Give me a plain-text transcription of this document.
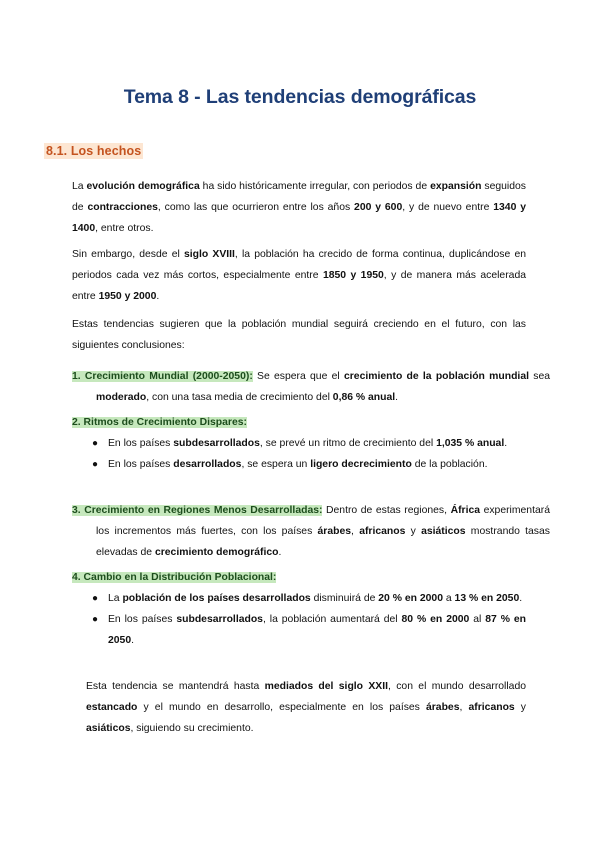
Tema 8 - Las tendencias demográficas
8.1. Los hechos

La evolución demográfica ha sido históricamente irregular, con periodos de expansión seguidos de contracciones, como las que ocurrieron entre los años 200 y 600, y de nuevo entre 1340 y 1400, entre otros.

Sin embargo, desde el siglo XVIII, la población ha crecido de forma continua, duplicándose en periodos cada vez más cortos, especialmente entre 1850 y 1950, y de manera más acelerada entre 1950 y 2000.

Estas tendencias sugieren que la población mundial seguirá creciendo en el futuro, con las siguientes conclusiones:

1. Crecimiento Mundial (2000-2050): Se espera que el crecimiento de la población mundial sea moderado, con una tasa media de crecimiento del 0,86 % anual.

2. Ritmos de Crecimiento Dispares:

● En los países subdesarrollados, se prevé un ritmo de crecimiento del 1,035 % anual.
● En los países desarrollados, se espera un ligero decrecimiento de la población.

3. Crecimiento en Regiones Menos Desarrolladas: Dentro de estas regiones, África experimentará los incrementos más fuertes, con los países árabes, africanos y asiáticos mostrando tasas elevadas de crecimiento demográfico.

4. Cambio en la Distribución Poblacional:

● La población de los países desarrollados disminuirá de 20 % en 2000 a 13 % en 2050.
● En los países subdesarrollados, la población aumentará del 80 % en 2000 al 87 % en 2050.

Esta tendencia se mantendrá hasta mediados del siglo XXII, con el mundo desarrollado estancado y el mundo en desarrollo, especialmente en los países árabes, africanos y asiáticos, siguiendo su crecimiento.
